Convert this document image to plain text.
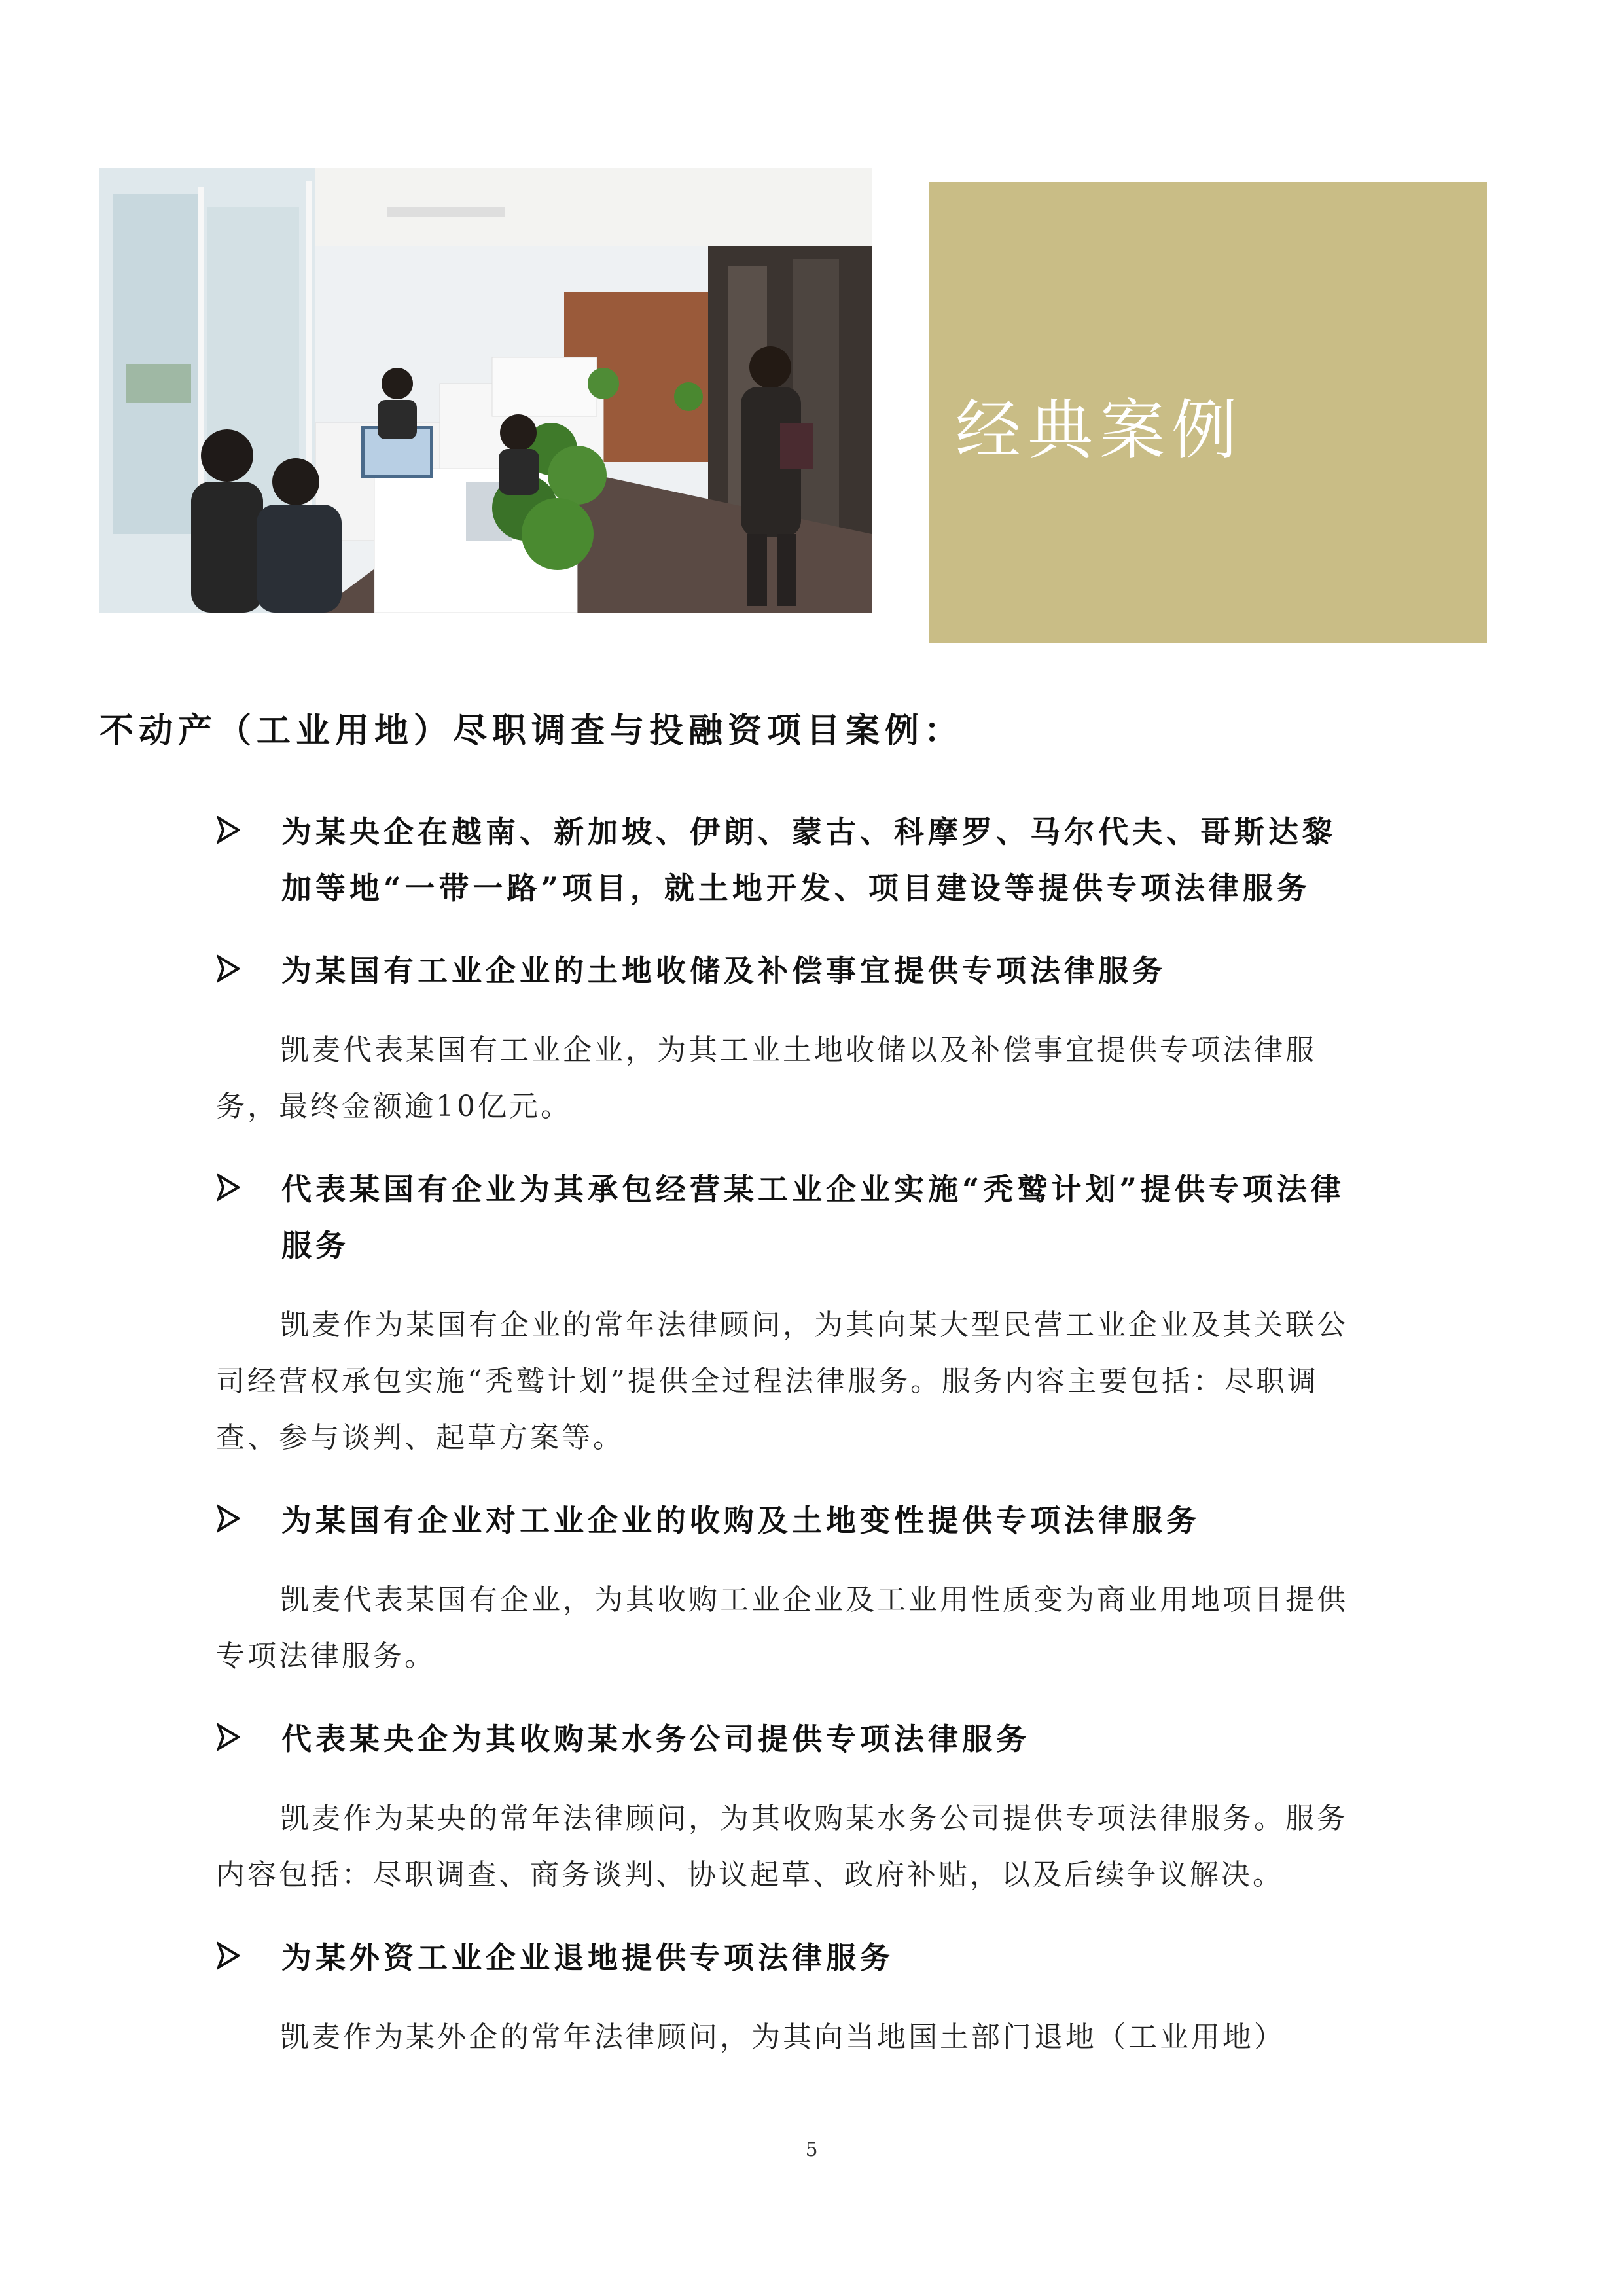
经典案例
不动产（工业用地）尽职调查与投融资项目案例：

为某央企在越南、新加坡、伊朗、蒙古、科摩罗、马尔代夫、哥斯达黎加等地“一带一路”项目，就土地开发、项目建设等提供专项法律服务

为某国有工业企业的土地收储及补偿事宜提供专项法律服务

凯麦代表某国有工业企业，为其工业土地收储以及补偿事宜提供专项法律服务，最终金额逾10亿元。

代表某国有企业为其承包经营某工业企业实施“秃鹫计划”提供专项法律服务

凯麦作为某国有企业的常年法律顾问，为其向某大型民营工业企业及其关联公司经营权承包实施“秃鹫计划”提供全过程法律服务。服务内容主要包括：尽职调查、参与谈判、起草方案等。

为某国有企业对工业企业的收购及土地变性提供专项法律服务

凯麦代表某国有企业，为其收购工业企业及工业用性质变为商业用地项目提供专项法律服务。

代表某央企为其收购某水务公司提供专项法律服务

凯麦作为某央的常年法律顾问，为其收购某水务公司提供专项法律服务。服务内容包括：尽职调查、商务谈判、协议起草、政府补贴，以及后续争议解决。

为某外资工业企业退地提供专项法律服务

凯麦作为某外企的常年法律顾问，为其向当地国土部门退地（工业用地）

5
